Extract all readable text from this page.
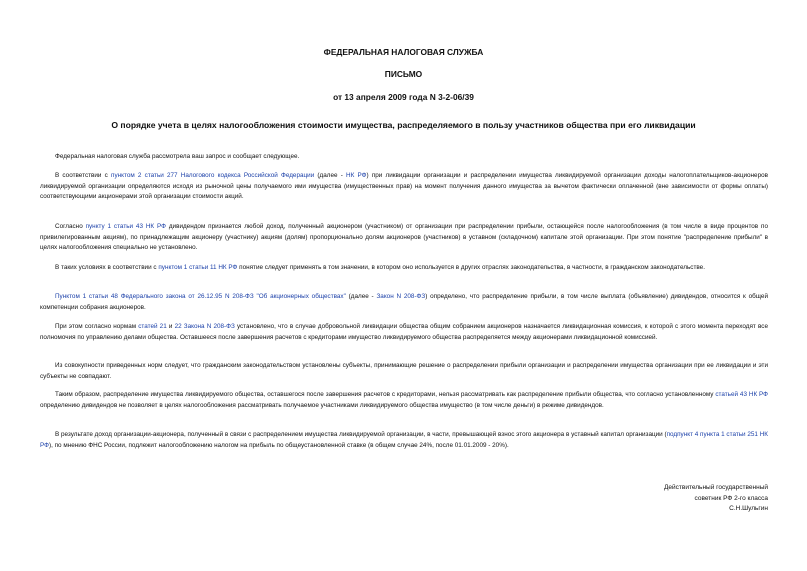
ФЕДЕРАЛЬНАЯ НАЛОГОВАЯ СЛУЖБА
ПИСЬМО
от 13 апреля 2009 года N 3-2-06/39
О порядке учета в целях налогообложения стоимости имущества, распределяемого в пользу участников общества при его ликвидации
Федеральная налоговая служба рассмотрела ваш запрос и сообщает следующее.
В соответствии с пунктом 2 статьи 277 Налогового кодекса Российской Федерации (далее - НК РФ) при ликвидации организации и распределении имущества ликвидируемой организации доходы налогоплательщиков-акционеров ликвидируемой организации определяются исходя из рыночной цены получаемого ими имущества (имущественных прав) на момент получения данного имущества за вычетом фактически оплаченной (вне зависимости от формы оплаты) соответствующими акционерами этой организации стоимости акций.
Согласно пункту 1 статьи 43 НК РФ дивидендом признается любой доход, полученный акционером (участником) от организации при распределении прибыли, остающейся после налогообложения (в том числе в виде процентов по привилегированным акциям), по принадлежащим акционеру (участнику) акциям (долям) пропорционально долям акционеров (участников) в уставном (складочном) капитале этой организации. При этом понятие "распределение прибыли" в целях налогообложения специально не установлено.
В таких условиях в соответствии с пунктом 1 статьи 11 НК РФ понятие следует применять в том значении, в котором оно используется в других отраслях законодательства, в частности, в гражданском законодательстве.
Пунктом 1 статьи 48 Федерального закона от 26.12.95 N 208-ФЗ "Об акционерных обществах" (далее - Закон N 208-ФЗ) определено, что распределение прибыли, в том числе выплата (объявление) дивидендов, относится к общей компетенции собрания акционеров.
При этом согласно нормам статей 21 и 22 Закона N 208-ФЗ установлено, что в случае добровольной ликвидации общества общим собранием акционеров назначается ликвидационная комиссия, к которой с этого момента переходят все полномочия по управлению делами общества. Оставшееся после завершения расчетов с кредиторами имущество ликвидируемого общества распределяется между акционерами ликвидационной комиссией.
Из совокупности приведенных норм следует, что гражданским законодательством установлены субъекты, принимающие решение о распределении прибыли организации и распределении имущества организации при ее ликвидации и эти субъекты не совпадают.
Таким образом, распределение имущества ликвидируемого общества, оставшегося после завершения расчетов с кредиторами, нельзя рассматривать как распределение прибыли общества, что согласно установленному статьей 43 НК РФ определению дивидендов не позволяет в целях налогообложения рассматривать получаемое участниками ликвидируемого общества имущество (в том числе деньги) в режиме дивидендов.
В результате доход организации-акционера, полученный в связи с распределением имущества ликвидируемой организации, в части, превышающей взнос этого акционера в уставный капитал организации (подпункт 4 пункта 1 статьи 251 НК РФ), по мнению ФНС России, подлежит налогообложению налогом на прибыль по общеустановленной ставке (в общем случае 24%, после 01.01.2009 - 20%).
Действительный государственный
советник РФ 2-го класса
С.Н.Шульгин
